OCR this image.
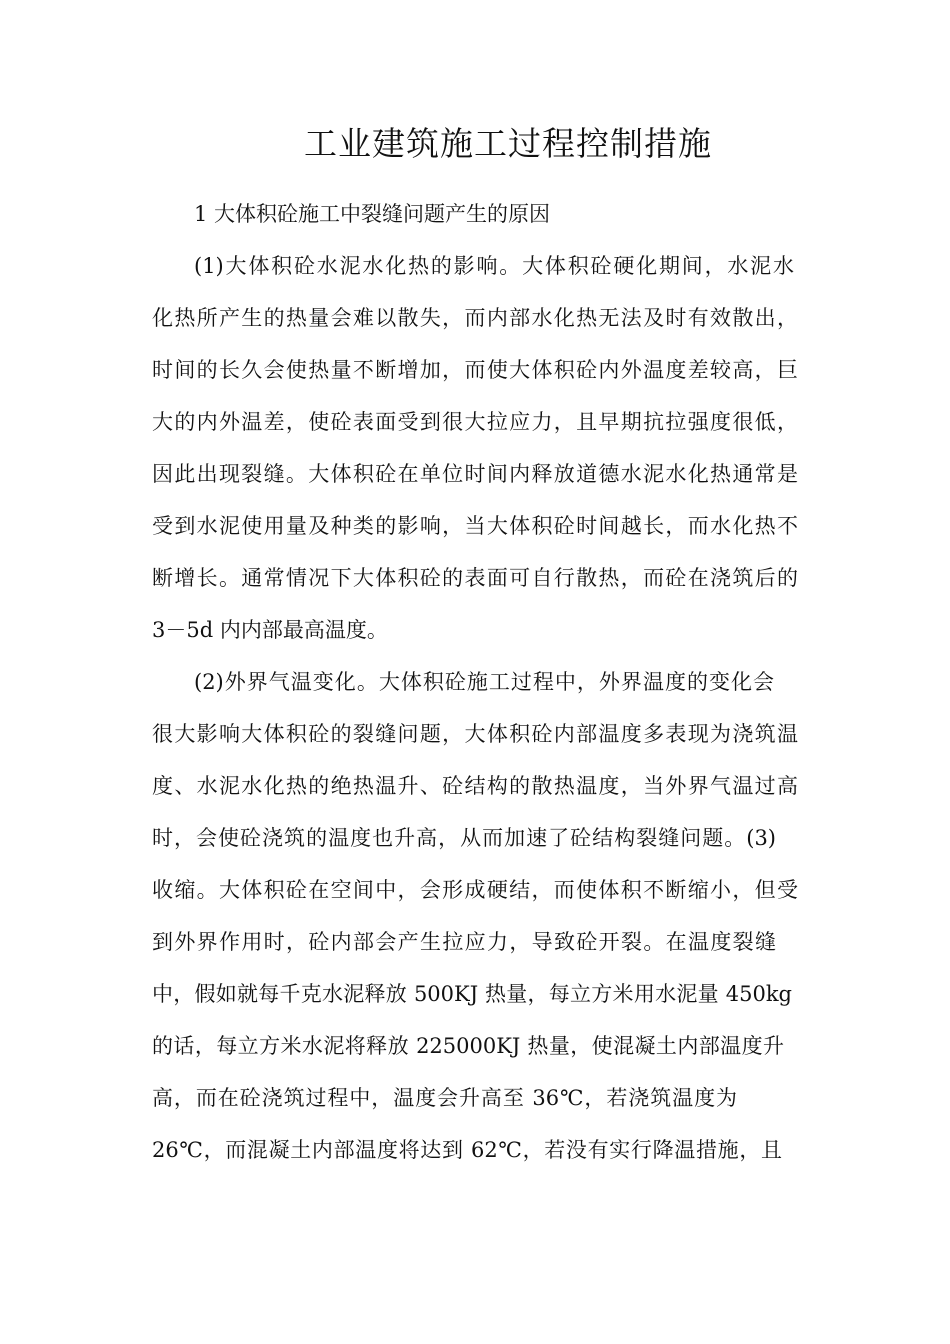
工业建筑施工过程控制措施
1 大体积砼施工中裂缝问题产生的原因
(1)大体积砼水泥水化热的影响。大体积砼硬化期间，水泥水
化热所产生的热量会难以散失，而内部水化热无法及时有效散出，
时间的长久会使热量不断增加，而使大体积砼内外温度差较高，巨
大的内外温差，使砼表面受到很大拉应力，且早期抗拉强度很低，
因此出现裂缝。大体积砼在单位时间内释放道德水泥水化热通常是
受到水泥使用量及种类的影响，当大体积砼时间越长，而水化热不
断增长。通常情况下大体积砼的表面可自行散热，而砼在浇筑后的
3－5d 内内部最高温度。
(2)外界气温变化。大体积砼施工过程中，外界温度的变化会
很大影响大体积砼的裂缝问题，大体积砼内部温度多表现为浇筑温
度、水泥水化热的绝热温升、砼结构的散热温度，当外界气温过高
时，会使砼浇筑的温度也升高，从而加速了砼结构裂缝问题。(3)
收缩。大体积砼在空间中，会形成硬结，而使体积不断缩小，但受
到外界作用时，砼内部会产生拉应力，导致砼开裂。在温度裂缝
中，假如就每千克水泥释放 500KJ 热量，每立方米用水泥量 450kg
的话，每立方米水泥将释放 225000KJ 热量，使混凝土内部温度升
高，而在砼浇筑过程中，温度会升高至 36℃，若浇筑温度为
26℃，而混凝土内部温度将达到 62℃，若没有实行降温措施，且
